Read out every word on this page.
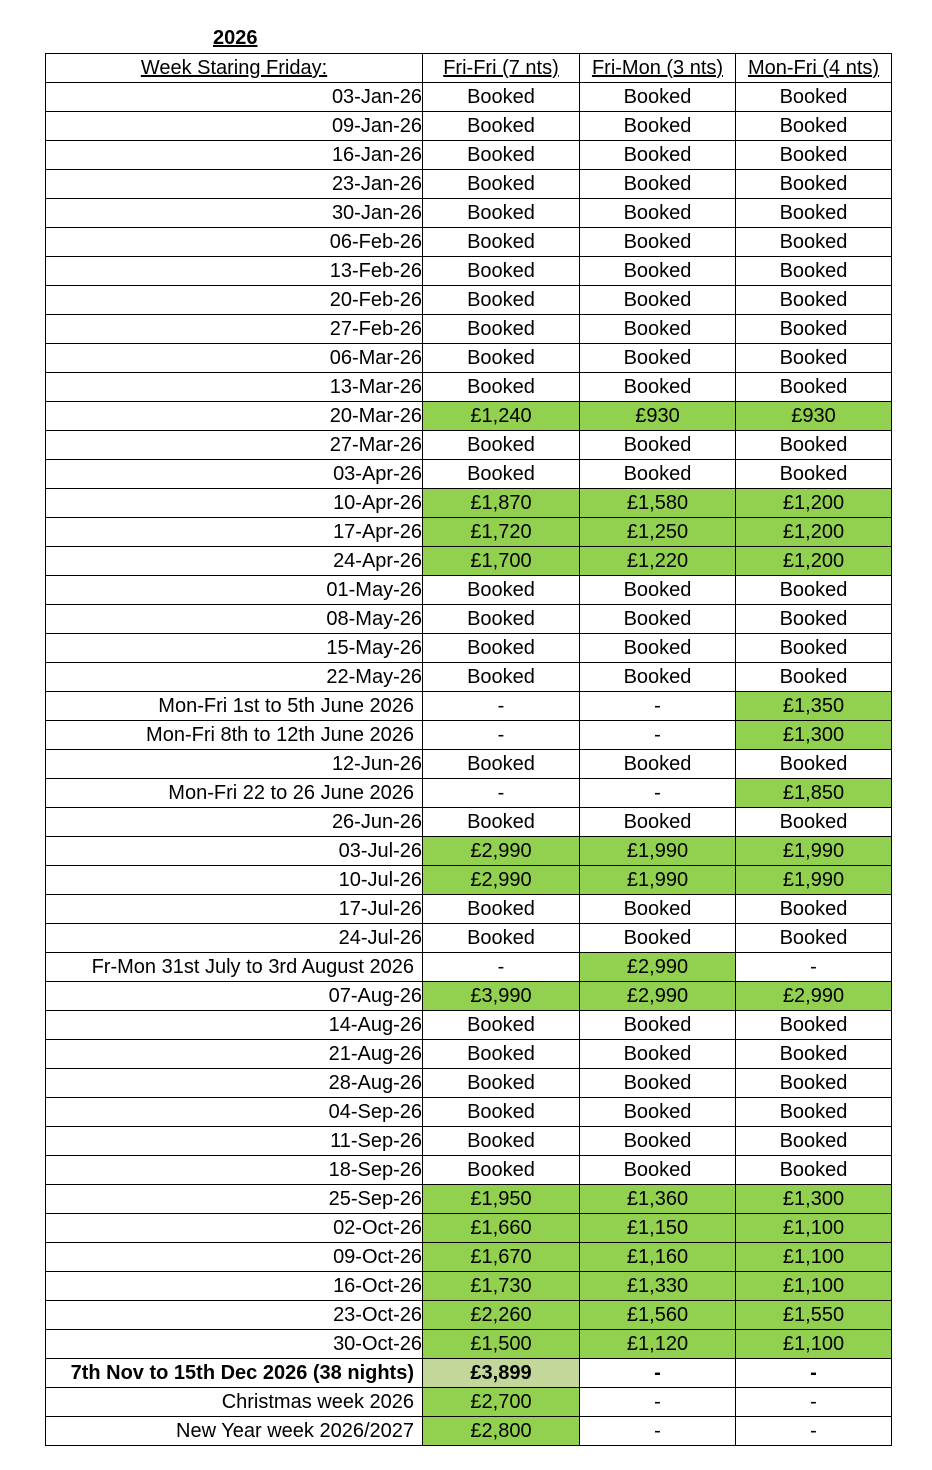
2026
Week Staring Friday:	Fri-Fri (7 nts)	Fri-Mon (3 nts)	Mon-Fri (4 nts)
03-Jan-26	Booked	Booked	Booked
09-Jan-26	Booked	Booked	Booked
16-Jan-26	Booked	Booked	Booked
23-Jan-26	Booked	Booked	Booked
30-Jan-26	Booked	Booked	Booked
06-Feb-26	Booked	Booked	Booked
13-Feb-26	Booked	Booked	Booked
20-Feb-26	Booked	Booked	Booked
27-Feb-26	Booked	Booked	Booked
06-Mar-26	Booked	Booked	Booked
13-Mar-26	Booked	Booked	Booked
20-Mar-26	£1,240	£930	£930
27-Mar-26	Booked	Booked	Booked
03-Apr-26	Booked	Booked	Booked
10-Apr-26	£1,870	£1,580	£1,200
17-Apr-26	£1,720	£1,250	£1,200
24-Apr-26	£1,700	£1,220	£1,200
01-May-26	Booked	Booked	Booked
08-May-26	Booked	Booked	Booked
15-May-26	Booked	Booked	Booked
22-May-26	Booked	Booked	Booked
Mon-Fri 1st to 5th June 2026	-	-	£1,350
Mon-Fri 8th to 12th June 2026	-	-	£1,300
12-Jun-26	Booked	Booked	Booked
Mon-Fri 22 to 26 June 2026	-	-	£1,850
26-Jun-26	Booked	Booked	Booked
03-Jul-26	£2,990	£1,990	£1,990
10-Jul-26	£2,990	£1,990	£1,990
17-Jul-26	Booked	Booked	Booked
24-Jul-26	Booked	Booked	Booked
Fr-Mon 31st July to 3rd August 2026	-	£2,990	-
07-Aug-26	£3,990	£2,990	£2,990
14-Aug-26	Booked	Booked	Booked
21-Aug-26	Booked	Booked	Booked
28-Aug-26	Booked	Booked	Booked
04-Sep-26	Booked	Booked	Booked
11-Sep-26	Booked	Booked	Booked
18-Sep-26	Booked	Booked	Booked
25-Sep-26	£1,950	£1,360	£1,300
02-Oct-26	£1,660	£1,150	£1,100
09-Oct-26	£1,670	£1,160	£1,100
16-Oct-26	£1,730	£1,330	£1,100
23-Oct-26	£2,260	£1,560	£1,550
30-Oct-26	£1,500	£1,120	£1,100
7th Nov to 15th Dec 2026 (38 nights)	£3,899	-	-
Christmas week 2026	£2,700	-	-
New Year week 2026/2027	£2,800	-	-
